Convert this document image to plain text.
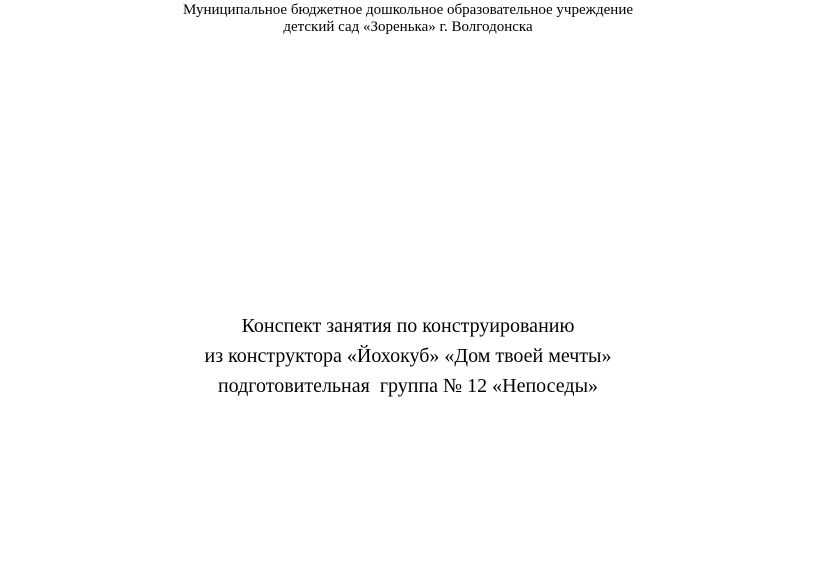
Муниципальное бюджетное дошкольное образовательное учреждение
детский сад «Зоренька» г. Волгодонска
Конспект занятия по конструированию
из конструктора «Йохокуб» «Дом твоей мечты»
подготовительная  группа № 12 «Непоседы»
